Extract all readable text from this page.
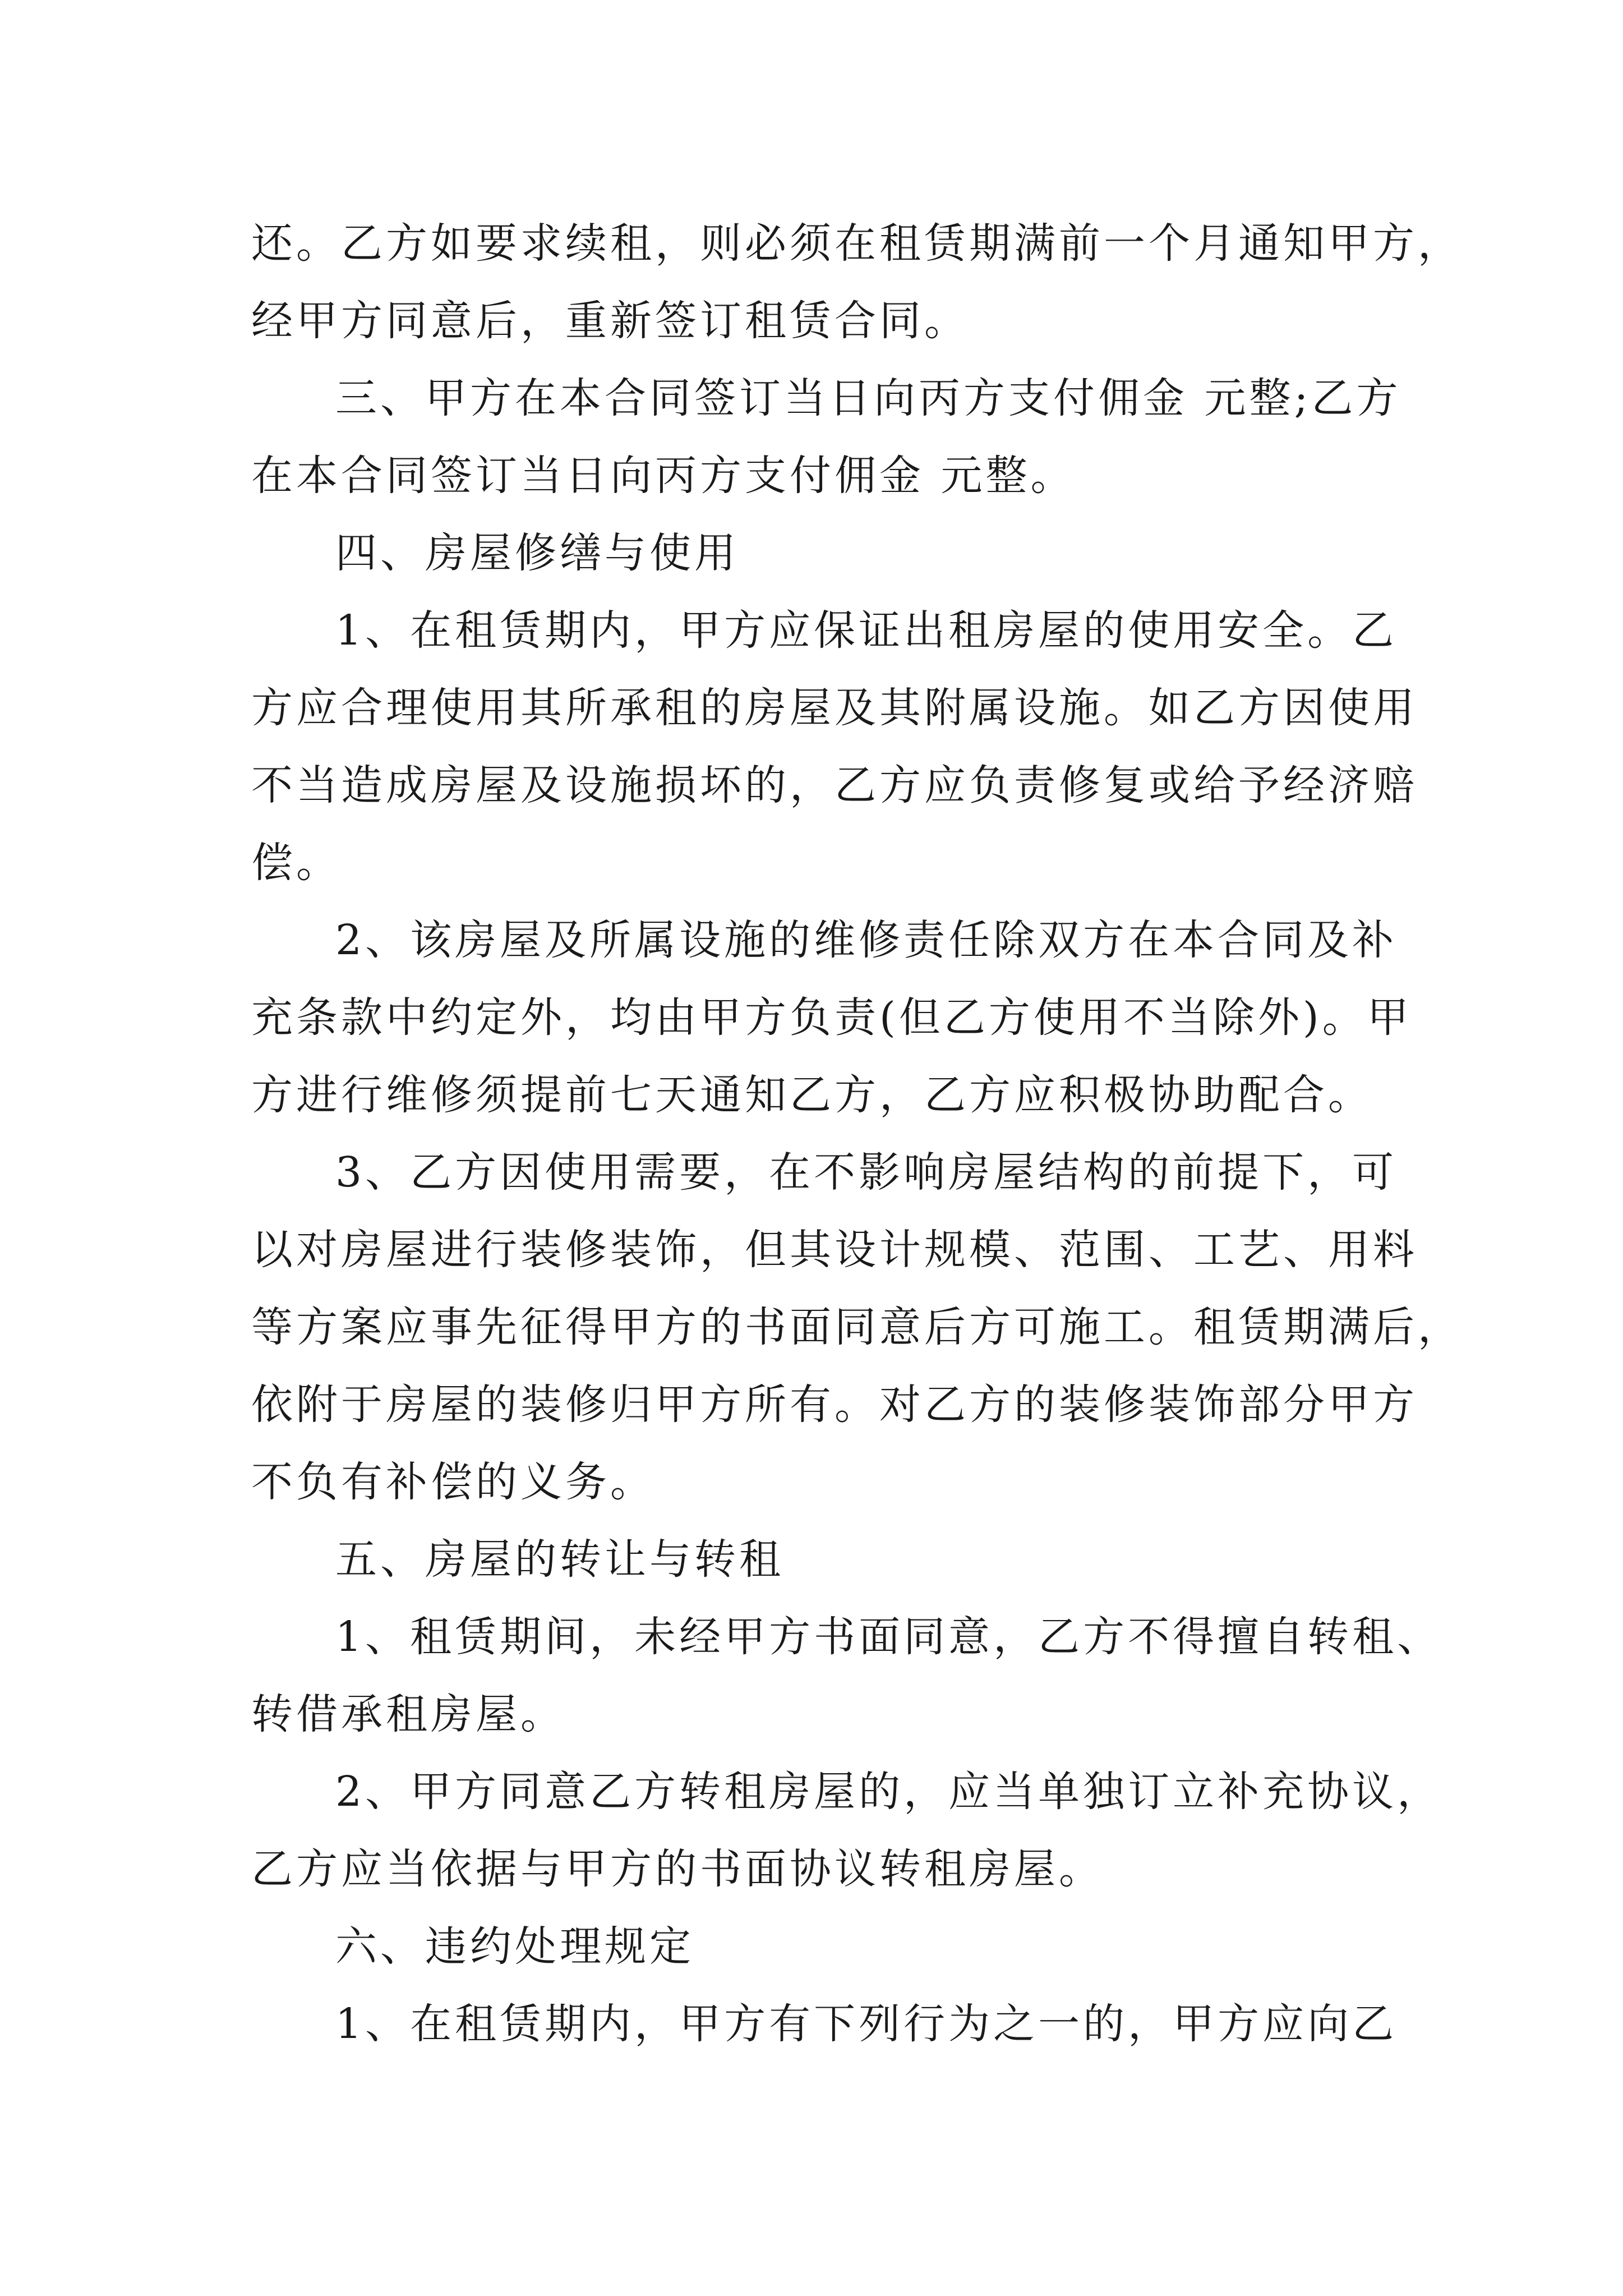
还。乙方如要求续租，则必须在租赁期满前一个月通知甲方，
经甲方同意后，重新签订租赁合同。

三、甲方在本合同签订当日向丙方支付佣金 元整;乙方
在本合同签订当日向丙方支付佣金 元整。

四、房屋修缮与使用

1、在租赁期内，甲方应保证出租房屋的使用安全。乙
方应合理使用其所承租的房屋及其附属设施。如乙方因使用
不当造成房屋及设施损坏的，乙方应负责修复或给予经济赔
偿。

2、该房屋及所属设施的维修责任除双方在本合同及补
充条款中约定外，均由甲方负责(但乙方使用不当除外)。甲
方进行维修须提前七天通知乙方，乙方应积极协助配合。

3、乙方因使用需要，在不影响房屋结构的前提下，可
以对房屋进行装修装饰，但其设计规模、范围、工艺、用料
等方案应事先征得甲方的书面同意后方可施工。租赁期满后，
依附于房屋的装修归甲方所有。对乙方的装修装饰部分甲方
不负有补偿的义务。

五、房屋的转让与转租

1、租赁期间，未经甲方书面同意，乙方不得擅自转租、
转借承租房屋。

2、甲方同意乙方转租房屋的，应当单独订立补充协议，
乙方应当依据与甲方的书面协议转租房屋。

六、违约处理规定

1、在租赁期内，甲方有下列行为之一的，甲方应向乙
